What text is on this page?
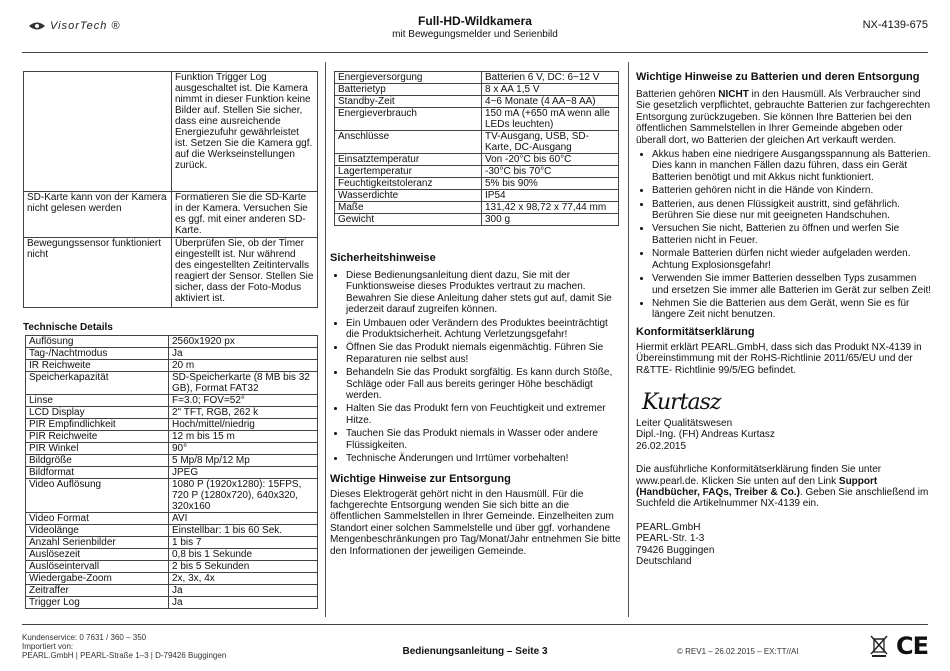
VisorTech ®	Full-HD-Wildkamera
mit Bewegungsmelder und Serienbild
NX-4139-675
	Funktion Trigger Log ausgeschaltet ist. Die Kamera nimmt in dieser Funktion keine Bilder auf. Stellen Sie sicher, dass eine ausreichende Energiezufuhr gewährleistet ist. Setzen Sie die Kamera ggf. auf die Werkseinstellungen zurück.
SD-Karte kann von der Kamera nicht gelesen werden	Formatieren Sie die SD-Karte in der Kamera. Versuchen Sie es ggf. mit einer anderen SD-Karte.
Bewegungssensor funktioniert nicht	Überprüfen Sie, ob der Timer eingestellt ist. Nur während des eingestellten Zeitintervalls reagiert der Sensor. Stellen Sie sicher, dass der Foto-Modus aktiviert ist.
Technische Details
Auflösung	2560x1920 px
Tag-/Nachtmodus	Ja
IR Reichweite	20 m
Speicherkapazität	SD-Speicherkarte (8 MB bis 32 GB), Format FAT32
Linse	F=3.0; FOV=52°
LCD Display	2" TFT, RGB, 262 k
PIR Empfindlichkeit	Hoch/mittel/niedrig
PIR Reichweite	12 m bis 15 m
PIR Winkel	90°
Bildgröße	5 Mp/8 Mp/12 Mp
Bildformat	JPEG
Video Auflösung	1080 P (1920x1280): 15FPS, 720 P (1280x720), 640x320, 320x160
Video Format	AVI
Videolänge	Einstellbar: 1 bis 60 Sek.
Anzahl Serienbilder	1 bis 7
Auslösezeit	0,8 bis 1 Sekunde
Auslöseintervall	2 bis 5 Sekunden
Wiedergabe-Zoom	2x, 3x, 4x
Zeitraffer	Ja
Trigger Log	Ja
Energieversorgung	Batterien 6 V, DC: 6~12 V
Batterietyp	8 x AA 1,5 V
Standby-Zeit	4~6 Monate (4 AA~8 AA)
Energieverbrauch	150 mA (+650 mA wenn alle LEDs leuchten)
Anschlüsse	TV-Ausgang, USB, SD-Karte, DC-Ausgang
Einsatztemperatur	Von -20°C bis 60°C
Lagertemperatur	-30°C bis 70°C
Feuchtigkeitstoleranz	5% bis 90%
Wasserdichte	IP54
Maße	131,42 x 98,72 x 77,44 mm
Gewicht	300 g
Sicherheitshinweise
• Diese Bedienungsanleitung dient dazu, Sie mit der Funktionsweise dieses Produktes vertraut zu machen. Bewahren Sie diese Anleitung daher stets gut auf, damit Sie jederzeit darauf zugreifen können.
• Ein Umbauen oder Verändern des Produktes beeinträchtigt die Produktsicherheit. Achtung Verletzungsgefahr!
• Öffnen Sie das Produkt niemals eigenmächtig. Führen Sie Reparaturen nie selbst aus!
• Behandeln Sie das Produkt sorgfältig. Es kann durch Stöße, Schläge oder Fall aus bereits geringer Höhe beschädigt werden.
• Halten Sie das Produkt fern von Feuchtigkeit und extremer Hitze.
• Tauchen Sie das Produkt niemals in Wasser oder andere Flüssigkeiten.
• Technische Änderungen und Irrtümer vorbehalten!
Wichtige Hinweise zur Entsorgung
Dieses Elektrogerät gehört nicht in den Hausmüll. Für die fachgerechte Entsorgung wenden Sie sich bitte an die öffentlichen Sammelstellen in Ihrer Gemeinde. Einzelheiten zum Standort einer solchen Sammelstelle und über ggf. vorhandene Mengenbeschränkungen pro Tag/Monat/Jahr entnehmen Sie bitte den Informationen der jeweiligen Gemeinde.
Wichtige Hinweise zu Batterien und deren Entsorgung
Batterien gehören NICHT in den Hausmüll. Als Verbraucher sind Sie gesetzlich verpflichtet, gebrauchte Batterien zur fachgerechten Entsorgung zurückzugeben. Sie können Ihre Batterien bei den öffentlichen Sammelstellen in Ihrer Gemeinde abgeben oder überall dort, wo Batterien der gleichen Art verkauft werden.
• Akkus haben eine niedrigere Ausgangsspannung als Batterien. Dies kann in manchen Fällen dazu führen, dass ein Gerät Batterien benötigt und mit Akkus nicht funktioniert.
• Batterien gehören nicht in die Hände von Kindern.
• Batterien, aus denen Flüssigkeit austritt, sind gefährlich. Berühren Sie diese nur mit geeigneten Handschuhen.
• Versuchen Sie nicht, Batterien zu öffnen und werfen Sie Batterien nicht in Feuer.
• Normale Batterien dürfen nicht wieder aufgeladen werden. Achtung Explosionsgefahr!
• Verwenden Sie immer Batterien desselben Typs zusammen und ersetzen Sie immer alle Batterien im Gerät zur selben Zeit!
• Nehmen Sie die Batterien aus dem Gerät, wenn Sie es für längere Zeit nicht benutzen.
Konformitätserklärung
Hiermit erklärt PEARL.GmbH, dass sich das Produkt NX-4139 in Übereinstimmung mit der RoHS-Richtlinie 2011/65/EU und der R&TTE- Richtlinie 99/5/EG befindet.
Kurtasz
Leiter Qualitätswesen
Dipl.-Ing. (FH) Andreas Kurtasz
26.02.2015
Die ausführliche Konformitätserklärung finden Sie unter www.pearl.de. Klicken Sie unten auf den Link Support (Handbücher, FAQs, Treiber & Co.). Geben Sie anschließend im Suchfeld die Artikelnummer NX-4139 ein.
PEARL.GmbH
PEARL-Str. 1-3
79426 Buggingen
Deutschland
Kundenservice: 0 7631 / 360 – 350
Importiert von:
PEARL.GmbH | PEARL-Straße 1–3 | D-79426 Buggingen	Bedienungsanleitung – Seite 3	© REV1 – 26.02.2015 – EX:TT//AI	CE
